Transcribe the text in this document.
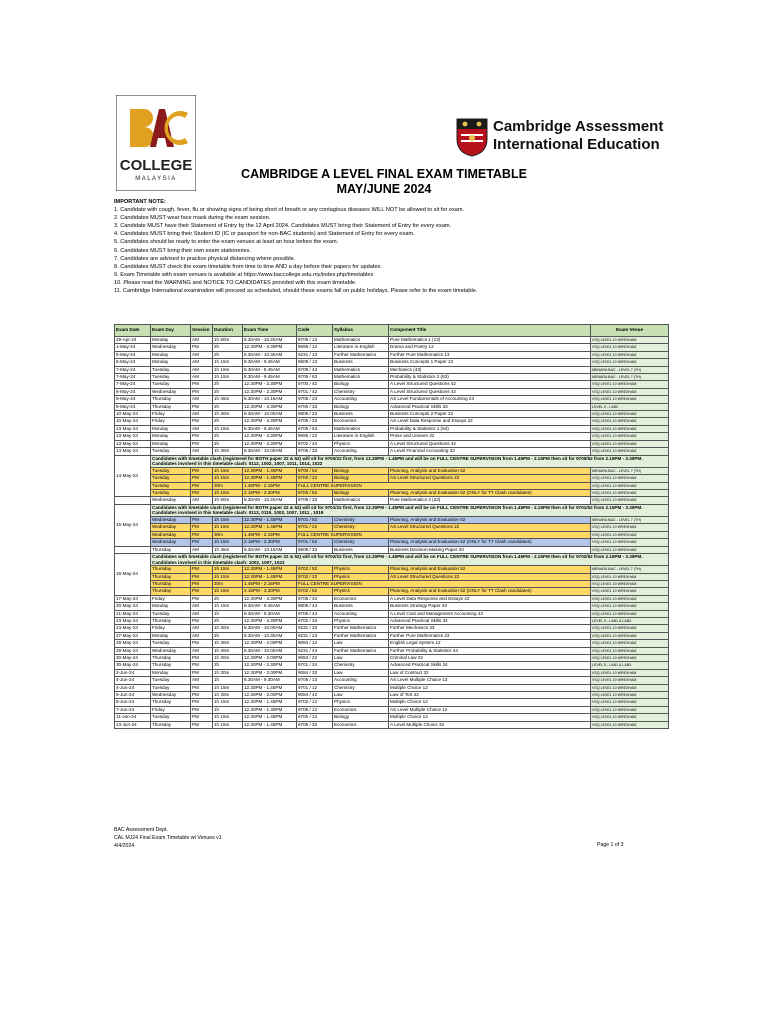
COLLEGE
MALAYSIA
Cambridge Assessment
International Education
CAMBRIDGE A LEVEL FINAL EXAM TIMETABLE
MAY/JUNE 2024
IMPORTANT NOTE:
1. Candidate with cough, fever, flu or showing signs of being short of breath or any contagious diseases WILL NOT be allowed to sit for exam.
2. Candidates MUST wear face mask during the exam session.
3. Candidate MUST have their Statement of Entry by the 12 April 2024. Candidates MUST bring their Statement of Entry for every exam.
4. Candidates MUST bring their Student ID (IC or passport for non-BAC students) and Statement of Entry for every exam.
5. Candidates should be ready to enter the exam venues at least an hour before the exam.
6. Candidates MUST bring their own exam stationeries.
7. Candidates are advised to practice physical distancing where possible.
8. Candidates MUST check the exam timetable from time to time AND a day before their papers for updates.
9. Exam Timetable with exam venues is available at https://www.baccollege.edu.my/index.php/timetables
10. Please read the WARNING and NOTICE TO CANDIDATES provided with this exam timetable.
11. Cambridge International examination will proceed as scheduled, should these exams fall on public holidays. Please refer to the exam timetable.
Exam Date	Exam Day	Session	Duration	Exam Time	Code	Syllabus	Component Title	Exam Venue
29-Apr-24	Monday	AM	1h 50m	8.30AM - 10.20AM	9709 / 13	Mathematics	Pure Mathematics 1 (13)	VSQ LEVEL 10 WREXHAM
1-May-24	Wednesday	PM	2h	12.30PM - 2.30PM	9695 / 12	Literature in English	Drama and Poetry 12	VSQ LEVEL 10 WREXHAM
6-May-24	Monday	AM	2h	8.30AM - 10.30AM	9231 / 13	Further Mathematics	Further Pure Mathematics 13	VSQ LEVEL 10 WREXHAM
6-May-24	Monday	AM	1h 15m	8.30AM - 9.45AM	9609 / 13	Business	Business Concepts 1 Paper 13	VSQ LEVEL 10 WREXHAM
7-May-24	Tuesday	AM	1h 15m	8.30AM - 9.45AM	9709 / 43	Mathematics	Mechanics (43)	MENARA BAC - LEVEL 7 (TH)
7-May-24	Tuesday	AM	1h 15m	8.30AM - 9.45AM	9709 / 63	Mathematics	Probability & Statistics 2 (63)	MENARA BAC - LEVEL 7 (TH)
7-May-24	Tuesday	PM	2h	12.30PM - 2.30PM	9700 / 42	Biology	A Level Structured Questions 42	VSQ LEVEL 10 WREXHAM
8-May-24	Wednesday	PM	2h	12.30PM - 2.30PM	9701 / 42	Chemistry	A Level Structured Questions 42	VSQ LEVEL 10 WREXHAM
9-May-24	Thursday	AM	1h 45m	8.30AM - 10.15AM	9706 / 23	Accounting	AS Level Fundamentals of Accounting 23	VSQ LEVEL 10 WREXHAM
9-May-24	Thursday	PM	2h	12.30PM - 2.30PM	9700 / 33	Biology	Advanced Practical Skills 33	LEVEL 5 - LAB2
10-May-24	Friday	AM	1h 30m	8.30AM - 10.00AM	9609 / 23	Business	Business Concepts 2 Paper 23	VSQ LEVEL 10 WREXHAM
10-May-24	Friday	PM	2h	12.30PM - 2.30PM	9708 / 22	Economics	AS Level Data Response and Essays 22	VSQ LEVEL 10 WREXHAM
13-May-24	Monday	AM	1h 15m	8.30AM - 9.45AM	9709 / 53	Mathematics	Probability & Statistics 1 (53)	VSQ LEVEL 10 WREXHAM
13-May-24	Monday	PM	2h	12.30PM - 2.30PM	9695 / 22	Literature in English	Prose and Unseen 22	VSQ LEVEL 10 WREXHAM
13-May-24	Monday	PM	2h	12.30PM - 2.30PM	9702 / 42	Physics	A Level Structured Questions 42	VSQ LEVEL 10 WREXHAM
14-May-24	Tuesday	AM	1h 30m	8.30AM - 10.00AM	9706 / 33	Accounting	A Level Financial Accounting 33	VSQ LEVEL 10 WREXHAM
14-May-24	Candidates with timetable clash (registered for BOTH paper 22 & 52) will sit for 9700/22 first, from 12.30PM - 1.45PM and will be on FULL CENTRE SUPERVISION from 1.45PM - 2.15PM then sit for 9700/52 from 2.15PM - 3.30PM. Candidates involved in this timetable clash: 0112, 1002, 1007, 1011, 1014, 1022							
	Tuesday	PM	1h 15m	12.30PM - 1.45PM	9700 / 52	Biology	Planning, Analysis and Evaluation 52	MENARA BAC - LEVEL 7 (TH)
	Tuesday	PM	1h 15m	12.30PM - 1.45PM	9700 / 22	Biology	AS Level Structured Questions 22	VSQ LEVEL 10 WREXHAM
	Tuesday	PM	30m	1.45PM - 2.15PM	FULL CENTRE SUPERVISION			VSQ LEVEL 10 WREXHAM
	Tuesday	PM	1h 15m	2.15PM - 3.30PM	9700 / 52	Biology	Planning, Analysis and Evaluation 52 (ONLY for TT Clash candidates)	VSQ LEVEL 10 WREXHAM
15-May-24	Wednesday	AM	1h 50m	8.30AM - 10.20AM	9709 / 33	Mathematics	Pure Mathematics 3 (33)	VSQ LEVEL 10 WREXHAM
15-May-24	Candidates with timetable clash (registered for BOTH paper 22 & 52) will sit for 9701/22 first, from 12.30PM - 1.45PM and will be on FULL CENTRE SUPERVISION from 1.45PM - 2.15PM then sit for 9701/52 from 2.15PM - 3.30PM. Candidates involved in this timetable clash: 0113, 0119, 1002, 1007, 1011 , 1019							
	Wednesday	PM	1h 15m	12.30PM - 1.45PM	9701 / 52	Chemistry	Planning, Analysis and Evaluation 52	MENARA BAC - LEVEL 7 (TH)
	Wednesday	PM	1h 15m	12.30PM - 1.45PM	9701 / 22	Chemistry	AS Level Structured Questions 22	VSQ LEVEL 10 WREXHAM
	Wednesday	PM	30m	1.45PM - 2.15PM	FULL CENTRE SUPERVISION			VSQ LEVEL 10 WREXHAM
	Wednesday	PM	1h 15m	2.15PM - 3.30PM	9701 / 52	Chemistry	Planning, Analysis and Evaluation 52 (ONLY for TT Clash candidates)	VSQ LEVEL 10 WREXHAM
16-May-24	Thursday	AM	1h 45m	8.30AM - 10.15AM	9609 / 33	Business	Business Decision-Making Paper 33	VSQ LEVEL 10 WREXHAM
16-May-24	Candidates with timetable clash (registered for BOTH paper 22 & 52) will sit for 9702/22 first, from 12.30PM - 1.45PM and will be on FULL CENTRE SUPERVISION from 1.45PM - 2.15PM then sit for 9702/52 from 2.15PM - 3.30PM. Candidates involved in this timetable clash: 1002, 1007, 1022							
	Thursday	PM	1h 15m	12.30PM - 1.45PM	9702 / 52	Physics	Planning, Analysis and Evaluation 52	MENARA BAC - LEVEL 7 (TH)
	Thursday	PM	1h 15m	12.30PM - 1.45PM	9702 / 22	Physics	AS Level Structured Questions 22	VSQ LEVEL 10 WREXHAM
	Thursday	PM	30m	1.45PM - 2.15PM	FULL CENTRE SUPERVISION			VSQ LEVEL 10 WREXHAM
	Thursday	PM	1h 15m	2.15PM - 3.30PM	9702 / 52	Physics	Planning, Analysis and Evaluation 52 (ONLY for TT Clash candidates)	VSQ LEVEL 10 WREXHAM
17-May-24	Friday	PM	2h	12.30PM - 2.30PM	9708 / 42	Economics	A Level Data Response and Essays 42	VSQ LEVEL 10 WREXHAM
20-May-24	Monday	AM	1h 15m	8.30AM - 9.45AM	9609 / 43	Business	Business Strategy Paper 43	VSQ LEVEL 10 WREXHAM
21-May-24	Tuesday	AM	1h	8.30AM - 9.30AM	9706 / 43	Accounting	A Level Cost and Management Accounting 43	VSQ LEVEL 10 WREXHAM
23-May-24	Thursday	PM	2h	12.30PM - 2.30PM	9702 / 34	Physics	Advanced Practical Skills 34	LEVEL 5 - LAB1 & LAB2
24-May-24	Friday	AM	1h 30m	8.30AM - 10.00AM	9231 / 33	Further Mathematics	Further Mechanics 33	VSQ LEVEL 10 WREXHAM
27-May-24	Monday	AM	2h	8.30AM - 10.30AM	9231 / 23	Further Mathematics	Further Pure Mathematics 23	VSQ LEVEL 10 WREXHAM
28-May-24	Tuesday	PM	1h 30m	12.30PM - 2.00PM	9084 / 12	Law	English Legal System 12	VSQ LEVEL 10 WREXHAM
29-May-24	Wednesday	AM	1h 30m	8.30AM - 10.00AM	9231 / 43	Further Mathematics	Further Probability & Statistics 43	VSQ LEVEL 10 WREXHAM
30-May-24	Thursday	PM	1h 30m	12.30PM - 2.00PM	9084 / 22	Law	Criminal Law 22	VSQ LEVEL 10 WREXHAM
30-May-24	Thursday	PM	2h	12.30PM - 2.30PM	9701 / 34	Chemistry	Advanced Practical Skills 34	LEVEL 5 - LAB1 & LAB3
3-Jun-24	Monday	PM	1h 30m	12.30PM - 2.00PM	9084 / 32	Law	Law of Contract 32	VSQ LEVEL 10 WREXHAM
4-Jun-24	Tuesday	AM	1h	8.30AM - 9.30AM	9706 / 13	Accounting	AS Level Multiple Choice 13	VSQ LEVEL 10 WREXHAM
4-Jun-24	Tuesday	PM	1h 15m	12.30PM - 1.45PM	9701 / 12	Chemistry	Multiple Choice 12	VSQ LEVEL 10 WREXHAM
5-Jun-24	Wednesday	PM	1h 30m	12.30PM - 2.00PM	9084 / 42	Law	Law of Tort 42	VSQ LEVEL 10 WREXHAM
6-Jun-24	Thursday	PM	1h 15m	12.30PM - 1.45PM	9702 / 12	Physics	Multiple Choice 12	VSQ LEVEL 10 WREXHAM
7-Jun-24	Friday	PM	1h	12.30PM - 1.30PM	9708 / 12	Economics	AS Level Multiple Choice 12	VSQ LEVEL 10 WREXHAM
11-Jun-24	Tuesday	PM	1h 15m	12.30PM - 1.45PM	9700 / 12	Biology	Multiple Choice 12	VSQ LEVEL 10 WREXHAM
13-Jun-24	Thursday	PM	1h 15m	12.30PM - 1.45PM	9708 / 32	Economics	A Level Multiple Choice 32	VSQ LEVEL 10 WREXHAM
BAC Assessment Dept.
CAL MJ24 Final Exam Timetable wt Venues v1
4/4/2024	Page 1 of 3
